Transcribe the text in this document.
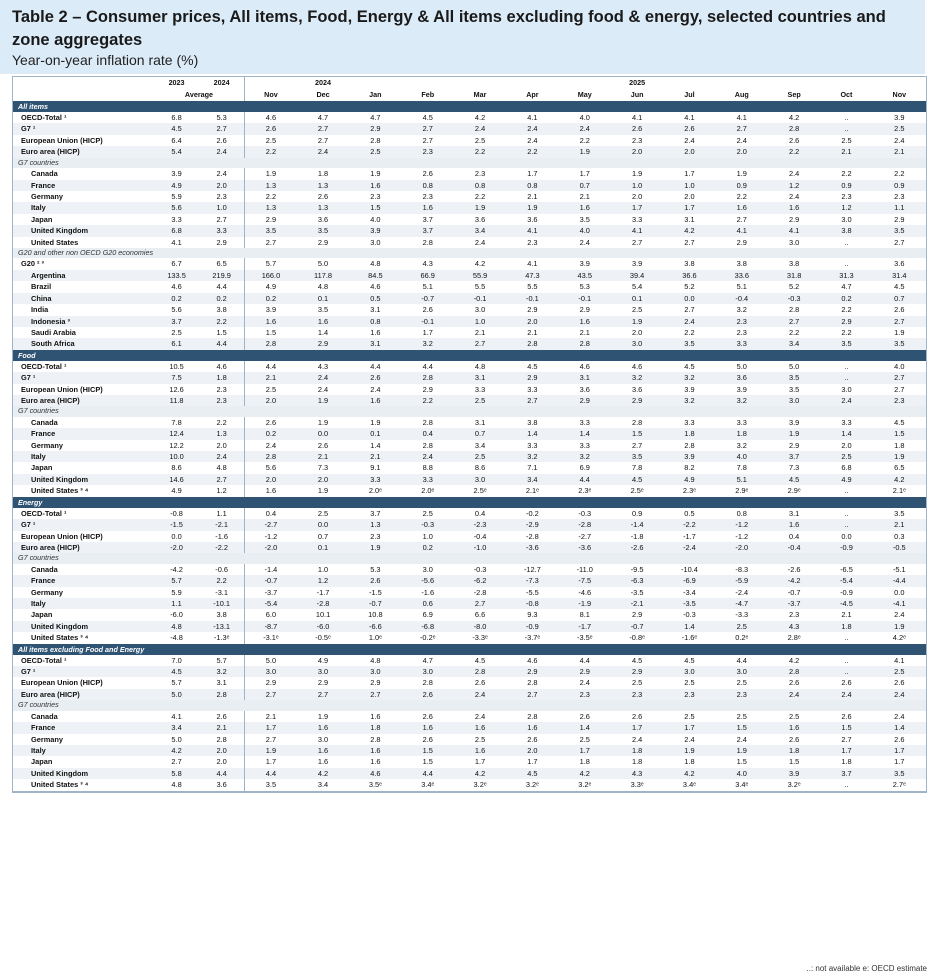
Table 2 – Consumer prices, All items, Food, Energy & All items excluding food & energy, selected countries and zone aggregates
Year-on-year inflation rate (%)
	2023	2024		2024						2025					
	Average		Nov	Dec	Jan	Feb	Mar	Apr	May	Jun	Jul	Aug	Sep	Oct	Nov
All items															
OECD-Total ¹	6.8	5.3	4.6	4.7	4.7	4.5	4.2	4.1	4.0	4.1	4.1	4.1	4.2	..	3.9
G7 ¹	4.5	2.7	2.6	2.7	2.9	2.7	2.4	2.4	2.4	2.6	2.6	2.7	2.8	..	2.5
European Union (HICP)	6.4	2.6	2.5	2.7	2.8	2.7	2.5	2.4	2.2	2.3	2.4	2.4	2.6	2.5	2.4
Euro area (HICP)	5.4	2.4	2.2	2.4	2.5	2.3	2.2	2.2	1.9	2.0	2.0	2.0	2.2	2.1	2.1
G7 countries															
Canada	3.9	2.4	1.9	1.8	1.9	2.6	2.3	1.7	1.7	1.9	1.7	1.9	2.4	2.2	2.2
France	4.9	2.0	1.3	1.3	1.6	0.8	0.8	0.8	0.7	1.0	1.0	0.9	1.2	0.9	0.9
Germany	5.9	2.3	2.2	2.6	2.3	2.3	2.2	2.1	2.1	2.0	2.0	2.2	2.4	2.3	2.3
Italy	5.6	1.0	1.3	1.3	1.5	1.6	1.9	1.9	1.6	1.7	1.7	1.6	1.6	1.2	1.1
Japan	3.3	2.7	2.9	3.6	4.0	3.7	3.6	3.6	3.5	3.3	3.1	2.7	2.9	3.0	2.9
United Kingdom	6.8	3.3	3.5	3.5	3.9	3.7	3.4	4.1	4.0	4.1	4.2	4.1	4.1	3.8	3.5
United States	4.1	2.9	2.7	2.9	3.0	2.8	2.4	2.3	2.4	2.7	2.7	2.9	3.0	..	2.7
G20 and other non OECD G20 economies															
G20 ² ³	6.7	6.5	5.7	5.0	4.8	4.3	4.2	4.1	3.9	3.9	3.8	3.8	3.8	..	3.6
Argentina	133.5	219.9	166.0	117.8	84.5	66.9	55.9	47.3	43.5	39.4	36.6	33.6	31.8	31.3	31.4
Brazil	4.6	4.4	4.9	4.8	4.6	5.1	5.5	5.5	5.3	5.4	5.2	5.1	5.2	4.7	4.5
China	0.2	0.2	0.2	0.1	0.5	-0.7	-0.1	-0.1	-0.1	0.1	0.0	-0.4	-0.3	0.2	0.7
India	5.6	3.8	3.9	3.5	3.1	2.6	3.0	2.9	2.9	2.5	2.7	3.2	2.8	2.2	2.6
Indonesia ³	3.7	2.2	1.6	1.6	0.8	-0.1	1.0	2.0	1.6	1.9	2.4	2.3	2.7	2.9	2.7
Saudi Arabia	2.5	1.5	1.5	1.4	1.6	1.7	2.1	2.1	2.1	2.0	2.2	2.3	2.2	2.2	1.9
South Africa	6.1	4.4	2.8	2.9	3.1	3.2	2.7	2.8	2.8	3.0	3.5	3.3	3.4	3.5	3.5
Food															
OECD-Total ¹	10.5	4.6	4.4	4.3	4.4	4.4	4.8	4.5	4.6	4.6	4.5	5.0	5.0	..	4.0
G7 ¹	7.5	1.8	2.1	2.4	2.6	2.8	3.1	2.9	3.1	3.2	3.2	3.6	3.5	..	2.7
European Union (HICP)	12.6	2.3	2.5	2.4	2.4	2.9	3.3	3.3	3.6	3.6	3.9	3.9	3.5	3.0	2.7
Euro area (HICP)	11.8	2.3	2.0	1.9	1.6	2.2	2.5	2.7	2.9	2.9	3.2	3.2	3.0	2.4	2.3
G7 countries															
Canada	7.8	2.2	2.6	1.9	1.9	2.8	3.1	3.8	3.3	2.8	3.3	3.3	3.9	3.3	4.5
France	12.4	1.3	0.2	0.0	0.1	0.4	0.7	1.4	1.4	1.5	1.8	1.8	1.9	1.4	1.5
Germany	12.2	2.0	2.4	2.6	1.4	2.8	3.4	3.3	3.3	2.7	2.8	3.2	2.9	2.0	1.8
Italy	10.0	2.4	2.8	2.1	2.1	2.4	2.5	3.2	3.2	3.5	3.9	4.0	3.7	2.5	1.9
Japan	8.6	4.8	5.6	7.3	9.1	8.8	8.6	7.1	6.9	7.8	8.2	7.8	7.3	6.8	6.5
United Kingdom	14.6	2.7	2.0	2.0	3.3	3.3	3.0	3.4	4.4	4.5	4.9	5.1	4.5	4.9	4.2
United States ³ ⁴	4.9	1.2	1.6	1.9	2.0ᵉ	2.0ᵉ	2.5ᵉ	2.1ᵉ	2.3ᵉ	2.5ᵉ	2.3ᵉ	2.9ᵉ	2.9ᵉ	..	2.1ᵉ
Energy															
OECD-Total ¹	-0.8	1.1	0.4	2.5	3.7	2.5	0.4	-0.2	-0.3	0.9	0.5	0.8	3.1	..	3.5
G7 ¹	-1.5	-2.1	-2.7	0.0	1.3	-0.3	-2.3	-2.9	-2.8	-1.4	-2.2	-1.2	1.6	..	2.1
European Union (HICP)	0.0	-1.6	-1.2	0.7	2.3	1.0	-0.4	-2.8	-2.7	-1.8	-1.7	-1.2	0.4	0.0	0.3
Euro area (HICP)	-2.0	-2.2	-2.0	0.1	1.9	0.2	-1.0	-3.6	-3.6	-2.6	-2.4	-2.0	-0.4	-0.9	-0.5
G7 countries															
Canada	-4.2	-0.6	-1.4	1.0	5.3	3.0	-0.3	-12.7	-11.0	-9.5	-10.4	-8.3	-2.6	-6.5	-5.1
France	5.7	2.2	-0.7	1.2	2.6	-5.6	-6.2	-7.3	-7.5	-6.3	-6.9	-5.9	-4.2	-5.4	-4.4
Germany	5.9	-3.1	-3.7	-1.7	-1.5	-1.6	-2.8	-5.5	-4.6	-3.5	-3.4	-2.4	-0.7	-0.9	0.0
Italy	1.1	-10.1	-5.4	-2.8	-0.7	0.6	2.7	-0.8	-1.9	-2.1	-3.5	-4.7	-3.7	-4.5	-4.1
Japan	-6.0	3.8	6.0	10.1	10.8	6.9	6.6	9.3	8.1	2.9	-0.3	-3.3	2.3	2.1	2.4
United Kingdom	4.8	-13.1	-8.7	-6.0	-6.6	-6.8	-8.0	-0.9	-1.7	-0.7	1.4	2.5	4.3	1.8	1.9
United States ³ ⁴	-4.8	-1.3ᵉ	-3.1ᵉ	-0.5ᵉ	1.0ᵉ	-0.2ᵉ	-3.3ᵉ	-3.7ᵉ	-3.5ᵉ	-0.8ᵉ	-1.6ᵉ	0.2ᵉ	2.8ᵉ	..	4.2ᵉ
All items excluding Food and Energy															
OECD-Total ¹	7.0	5.7	5.0	4.9	4.8	4.7	4.5	4.6	4.4	4.5	4.5	4.4	4.2	..	4.1
G7 ¹	4.5	3.2	3.0	3.0	3.0	3.0	2.8	2.9	2.9	2.9	3.0	3.0	2.8	..	2.5
European Union (HICP)	5.7	3.1	2.9	2.9	2.9	2.8	2.6	2.8	2.4	2.5	2.5	2.5	2.6	2.6	2.6
Euro area (HICP)	5.0	2.8	2.7	2.7	2.7	2.6	2.4	2.7	2.3	2.3	2.3	2.3	2.4	2.4	2.4
G7 countries															
Canada	4.1	2.6	2.1	1.9	1.6	2.6	2.4	2.8	2.6	2.6	2.5	2.5	2.5	2.6	2.4
France	3.4	2.1	1.7	1.6	1.8	1.6	1.6	1.6	1.4	1.7	1.7	1.5	1.6	1.5	1.4
Germany	5.0	2.8	2.7	3.0	2.8	2.6	2.5	2.6	2.5	2.4	2.4	2.4	2.6	2.7	2.6
Italy	4.2	2.0	1.9	1.6	1.6	1.5	1.6	2.0	1.7	1.8	1.9	1.9	1.8	1.7	1.7
Japan	2.7	2.0	1.7	1.6	1.6	1.5	1.7	1.7	1.8	1.8	1.8	1.5	1.5	1.8	1.7
United Kingdom	5.8	4.4	4.4	4.2	4.6	4.4	4.2	4.5	4.2	4.3	4.2	4.0	3.9	3.7	3.5
United States ³ ⁴	4.8	3.6	3.5	3.4	3.5ᵉ	3.4ᵉ	3.2ᵉ	3.2ᵉ	3.2ᵉ	3.3ᵉ	3.4ᵉ	3.4ᵉ	3.2ᵉ	..	2.7ᵉ
..: not available e: OECD estimate
